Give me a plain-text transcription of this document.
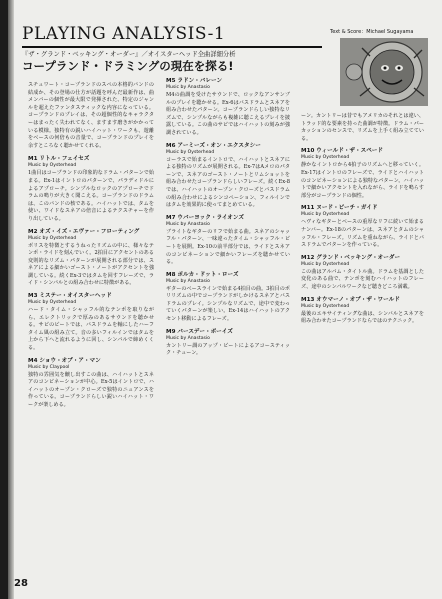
PLAYING ANALYSIS-1
『ザ・グランド・ベッキング・オーダー』／オイスターヘッド全曲詳細分析
コープランド・ドラミングの現在を探る!
Text & Score：Michael Sugayama

スチュワート・コープランドのスペの本格的バンドの結成か、その登場の仕方が話題を呼んだ最新作は、曲メンバーの個性が最大限で発揮された、特定のジャンルを超えたファンタスティックな内容になっている。コープランドのプレイは、その超個性的なキャラクターはまったく失われてなく、ますます磨きがかかっている模様。独特有の鋭いハイハット・ワークも、遊離をベースの何倍もの音量で、コープランドのプレイを余すところなく聴かせてくれる。

M1 リトル・フェイセズ
Music by Oysterhead
1曲目はコープランドの印象的なドラム・パターンで始まる。Ex-1はイントロのパターンで、パラディドルによるアプローチ。シンプルなロックのアプローチでドラムの鳴りが大きく聞こえる。コープランドのドラムは、このバンドの核である。ハイハットでは、タムを使い、ワイドなスネアの倍音によるテクスチャーを作り出している。
M2 オズ・イズ・エヴァー・フローティング
Music by Oysterhead
ボリスを特徴とするうねったリズムの中に、様々なテンポ・ライドを刻んでいく。2拍目にアクセントのある変則的なリズム・パターンが展開される部分では、スネアによる細かいゴースト・ノートがアクセントを強調している。続くEx-3ではタムを回すフレーズで、ライド・シンバルとの組み合わせに特徴がある。
M3 ミステー・オイスターヘッド
Music by Oysterhead
ハード・タイム・シャッフル的なテンポを取りながら、エレクトリックで厚みのあるサウンドを聴かせる。サビのビートでは、バスドラムを軸にしたハーフタイム風の組み立て。音の多いフィルインではタムを上から下へと流れるように回し、シンバルで締めくくる。
M4 ショウ・オブ・ア・マン
Music by Claypool
独特の雰囲気を醸し出すこの曲は、ハイハットとスネアのコンビネーションが中心。Ex-5はイントロで、ハイハットのオープン・クローズで独特のニュアンスを作っている。コープランドらしい鋭いハイハット・ワークが楽しめる。
M5 ラドン・バレーン
Music by Anastasio
M4の曲調を受けたサウンドで、ロックなアンサンブルのプレイを聴かせる。Ex-6はバスドラムとスネアを組み合わせたパターン。コープランドらしい独特なリズムで、シンプルながらも複雑に聴こえるプレイを披露している。この曲のサビではハイハットの刻みが強調されている。
M6 アーミーズ・オン・エクスタシー
Music by Oysterhead
コーラスで始まるイントロで、ハイハットとスネアによる独特のリズムが展開される。Ex-7はAメロのパターンで、スネアのゴースト・ノートとリムショットを組み合わせたコープランドらしいフレーズ。続くEx-8では、ハイハットのオープン・クローズとバスドラムの組み合わせによるシンコペーション、フィルインではタムを効果的に使ってまとめている。
M7 ウバーヨック・ライオンズ
Music by Anastasio
ブライトなギターのリフで始まる曲。スネアのシャッフル・パターン、一味違ったタイム・シャッフル・ビートを展開。Ex-10の前半部分では、ライドとスネアのコンビネーションで細かいフレーズを聴かせている。
M8 ポルカ・ドット・ローズ
Music by Anastasio
ギターのベースラインで始まる4拍目の曲。3拍目のポリリズムの中でコープランドがしかけるスネアとバスドラムのプレイ。シンプルなリズムで、途中で変わっていくパターンが楽しい。Ex-14はハイハットのアクセント移動によるフレーズ。
M9 バースデー・ボーイズ
Music by Anastasio
カントリー調のアップ・ビートによるアコースティック・チューン。
ーン。カントリーは昔でもアメリカのそれとは違い、トラッド的な要素を持った曲調が特徴。ドラム・パーカッションのセンスで、リズムを上手く組み立てている。
M10 ウィールド・ザ・スペード
Music by Oysterhead
静かなイントロから4拍子のリズムへと移っていく。Ex-17はイントロのフレーズで、ライドとハイハットのコンビネーションによる独特なパターン。ハイハットで細かいアクセントを入れながら、ライドを鳴らす部分がコープランドの個性。
M11 ヌード・ビーチ・ガイド
Music by Oysterhead
ヘヴィなギターとベースの重厚なリフに続いて始まるナンバー。Ex-18のパターンは、スネアとタムのシャッフル・フレーズ。リズムを重ねながら、ライドとバスドラムでパターンを作っている。
M12 グランド・ベッキング・オーダー
Music by Oysterhead
この曲はアルバム・タイトル曲。ドラムを基調とした変化のある曲で、テンポを刻むハイハットのフレーズ、途中のシンバルワークなど聴きどころ満載。
M13 オウマーノ・オブ・ザ・ワールド
Music by Oysterhead
最後のエキサイティングな曲は、シンバルとスネアを組み合わせたコープランドならではのテクニック。
28
